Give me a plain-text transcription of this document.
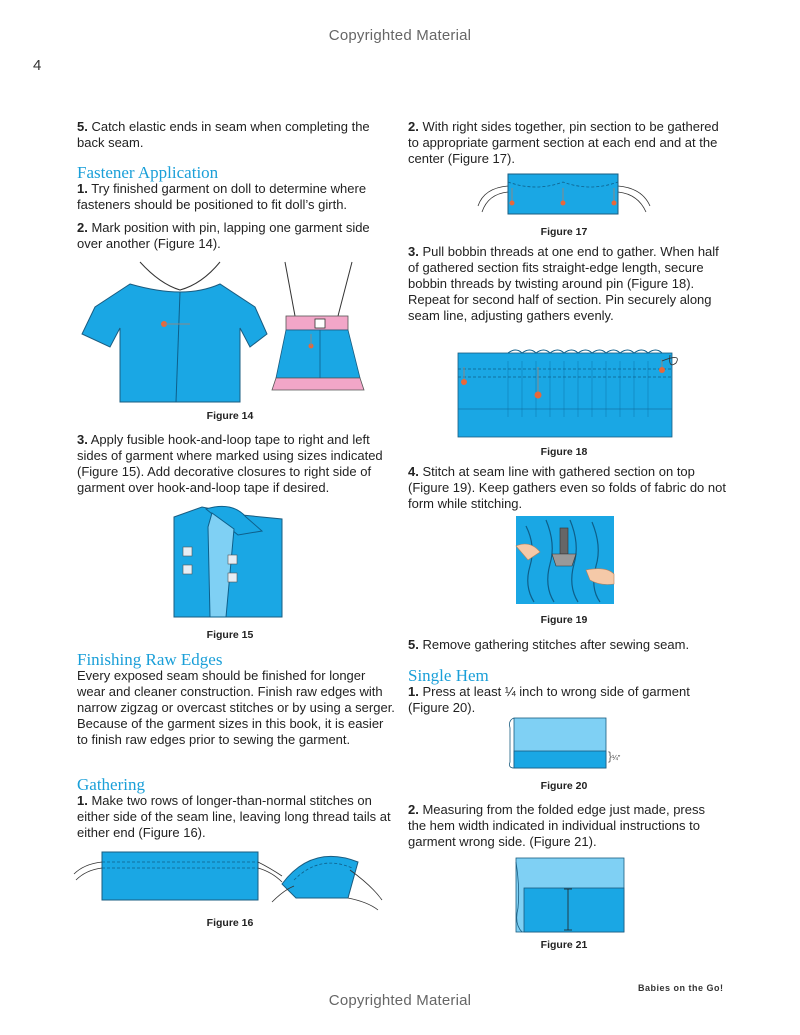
Copyrighted Material
4
5. Catch elastic ends in seam when completing the back seam.
Fastener Application
1. Try finished garment on doll to determine where fasteners should be positioned to fit doll’s girth.
2. Mark position with pin, lapping one garment side over another (Figure 14).
Figure 14
3. Apply fusible hook-and-loop tape to right and left sides of garment where marked using sizes indicated (Figure 15). Add decorative closures to right side of garment over hook-and-loop tape if desired.
Figure 15
Finishing Raw Edges
Every exposed seam should be finished for longer wear and cleaner construction. Finish raw edges with narrow zigzag or overcast stitches or by using a serger. Because of the garment sizes in this book, it is easier to finish raw edges prior to sewing the garment.
Gathering
1. Make two rows of longer-than-normal stitches on either side of the seam line, leaving long thread tails at either end (Figure 16).
Figure 16
2. With right sides together, pin section to be gathered to appropriate garment section at each end and at the center (Figure 17).
Figure 17
3. Pull bobbin threads at one end to gather. When half of gathered section fits straight-edge length, secure bobbin threads by twisting around pin (Figure 18). Repeat for second half of section. Pin securely along seam line, adjusting gathers evenly.
Figure 18
4. Stitch at seam line with gathered section on top (Figure 19). Keep gathers even so folds of fabric do not form while stitching.
Figure 19
5. Remove gathering stitches after sewing seam.
Single Hem
1. Press at least ¼ inch to wrong side of garment (Figure 20).
}¼"
Figure 20
2. Measuring from the folded edge just made, press the hem width indicated in individual instructions to garment wrong side. (Figure 21).
Figure 21
Babies on the Go!
Copyrighted Material
